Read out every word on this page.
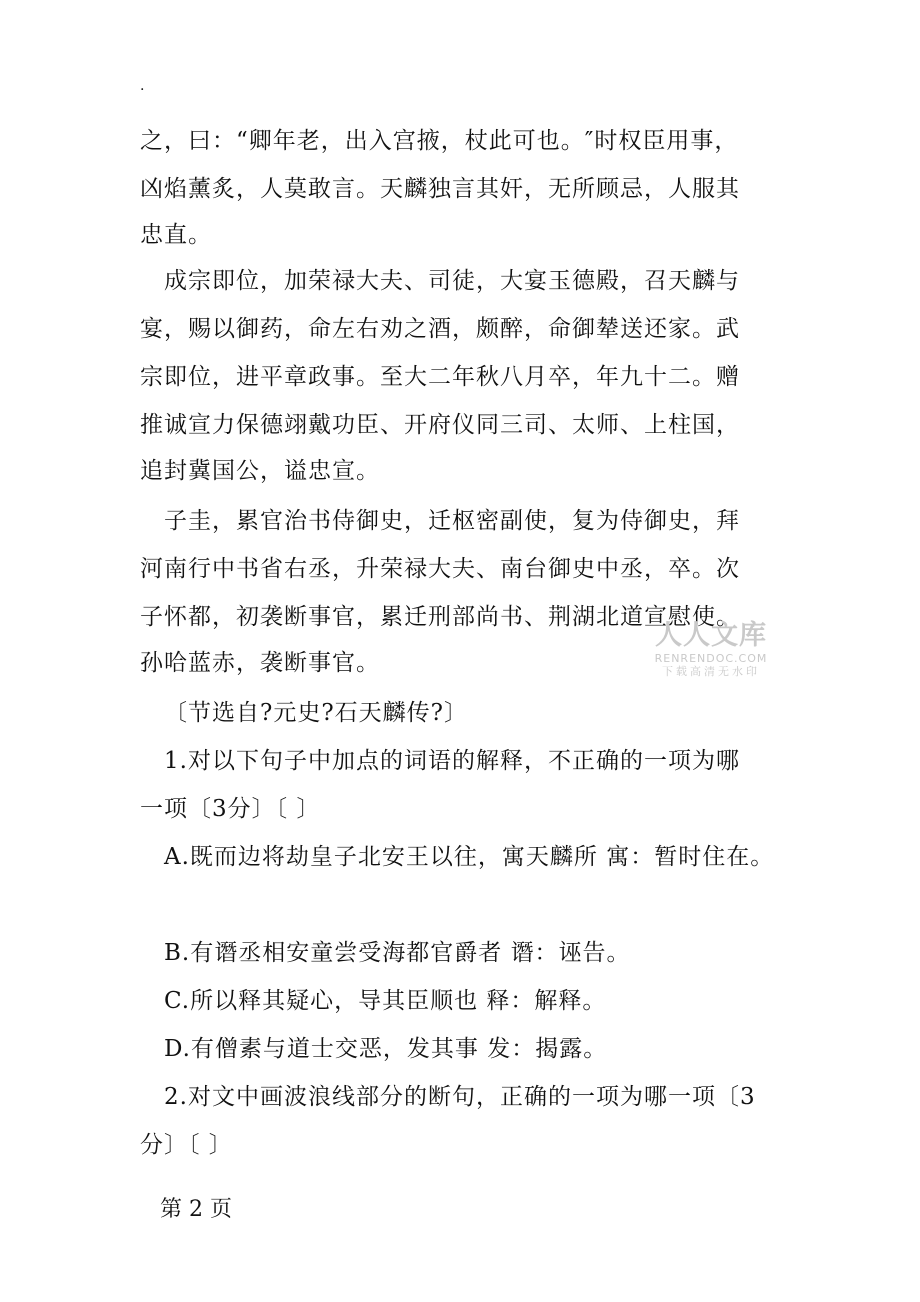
.
之，曰：“卿年老，出入宫掖，杖此可也。″时权臣用事，
凶焰薰炙，人莫敢言。天麟独言其奸，无所顾忌，人服其
忠直。
成宗即位，加荣禄大夫、司徒，大宴玉德殿，召天麟与
宴，赐以御药，命左右劝之酒，颇醉，命御辇送还家。武
宗即位，进平章政事。至大二年秋八月卒，年九十二。赠
推诚宣力保德翊戴功臣、开府仪同三司、太师、上柱国，
追封冀国公，谥忠宣。
子圭，累官治书侍御史，迁枢密副使，复为侍御史，拜
河南行中书省右丞，升荣禄大夫、南台御史中丞，卒。次
子怀都，初袭断事官，累迁刑部尚书、荆湖北道宣慰使。
孙哈蓝赤，袭断事官。
〔节选自?元史?石天麟传?〕
1.对以下句子中加点的词语的解释，不正确的一项为哪
一项〔3分〕〔 〕
A.既而边将劫皇子北安王以往，寓天麟所 寓：暂时住在。
B.有谮丞相安童尝受海都官爵者 谮：诬告。
C.所以释其疑心，导其臣顺也 释：解释。
D.有僧素与道士交恶，发其事 发：揭露。
2.对文中画波浪线部分的断句，正确的一项为哪一项〔3
分〕〔 〕
人人文库
RENRENDOC.COM
下载高清无水印
第 2 页
